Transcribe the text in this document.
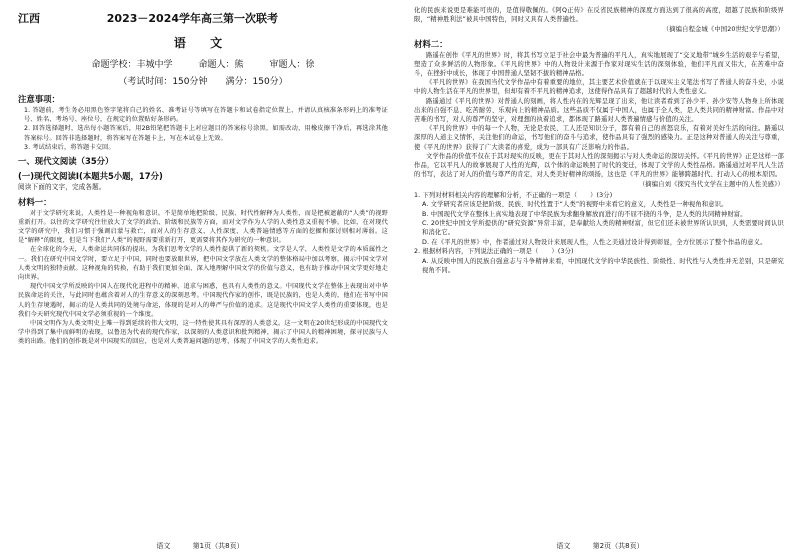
江西	2023－2024学年高三第一次联考
语 文
命题学校：丰城中学	命题人：熊	审题人：徐
（考试时间：150分钟　　满分：150分）
注意事项：

1. 答题前，考生务必用黑色签字笔将自己的姓名、准考证号等填写在答题卡和试卷指定位置上，并请认真核准条形码上的准考证号、姓名、考场号、座位号，在规定的位置贴好条形码。

2. 回答选择题时，选出每小题答案后，用2B铅笔把答题卡上对应题目的答案标号涂黑，如需改动，用橡皮擦干净后，再选涂其他答案标号。回答非选择题时，将答案写在答题卡上，写在本试卷上无效。

3. 考试结束后，将答题卡交回。

一、现代文阅读（35分）
(一)现代文阅读Ⅰ(本题共5小题，17分)

阅读下面的文字，完成各题。

材料一：

对于文学研究来说，人类性是一种视角和意识。不是简单地把阶级、民族、时代性解释为人类性，而是把被遮蔽的“人类”的视野重新打开。以往的文学研究往往放大了文学的政治、阶级和民族等方面，而对文学作为人学的人类性意义重视不够。比如，在对现代文学的研究中，我们习惯于强调启蒙与救亡，而对人的生存意义、人性深度、人类普遍情感等方面的挖掘和探讨则相对薄弱。这是“解释”的限度，但是当下我们“人类”的视野需要重新打开，更需要将其作为研究的一种意识。

在全球化的今天，人类命运共同体的提出，为我们思考文学的人类性提供了新的契机。文学是人学，人类性是文学的本质属性之一。我们在研究中国文学时，要立足于中国，同时也要放眼世界，把中国文学放在人类文学的整体格局中加以考察，揭示中国文学对人类文明的独特贡献。这种视角的转换，有助于我们更加全面、深入地理解中国文学的价值与意义，也有助于推动中国文学更好地走向世界。

现代中国文学所反映的中国人在现代化进程中的精神、追求与困惑，也具有人类性的意义。中国现代文学在整体上表现出对中华民族命运的关注，与此同时也蕴含着对人的生存意义的深刻思考。中国现代作家的创作，既是民族的，也是人类的，他们在书写中国人的生存境遇时，揭示的是人类共同的处境与命运，体现的是对人的尊严与价值的追求。这是现代中国文学人类性的重要体现，也是我们今天研究现代中国文学必须重视的一个维度。

中国文明作为人类文明史上唯一得到延续的伟大文明，这一特性使其具有深厚的人类意义。这一文明在20世纪形成的中国现代文学中得到了集中而鲜明的表现，以鲁迅为代表的现代作家，以深刻的人类意识和批判精神，揭示了中国人的精神困境，探寻民族与人类的出路。他们的创作既是对中国现实的回应，也是对人类普遍问题的思考，体现了中国文学的人类性追求。

语文	第1页（共8页）

化的民族来说更是难能可贵的，是值得敬佩的。《阿Q正传》在反省民族精神的深度方面达到了很高的高度，超越了民族和阶级界限，“精神胜利法”被具中国特色，同时又具有人类普遍性。

（摘编自程金城《中国20世纪文学思潮》）

材料二：

路遥在创作《平凡的世界》时，将其书写立足于社会中最为普遍的平凡人，真实地展现了“交叉地带”城乡生活的艰辛与希望，塑造了众多鲜活的人物形象。《平凡的世界》中的人物设计来源于作家对现实生活的深刻体验，他们平凡而又伟大，在苦难中奋斗，在挫折中成长，体现了中国普通人坚韧不拔的精神品格。

《平凡的世界》在我国当代文学作品中有着重要的地位，其主要艺术价值就在于以现实主义笔法书写了普通人的奋斗史，小说中的人物生活在平凡的世界里，但却有着不平凡的精神追求，这使得作品具有了超越时代的人类性意义。

路遥通过《平凡的世界》对普通人的刻画，将人性内在的光辉呈现了出来，他让读者看到了孙少平、孙少安等人物身上所体现出来的自强不息、吃苦耐劳、乐观向上的精神品质。这些品质不仅属于中国人，也属于全人类，是人类共同的精神财富。作品中对苦难的书写，对人的尊严的坚守，对理想的执着追求，都体现了路遥对人类普遍情感与价值的关注。

《平凡的世界》中的每一个人物，无论是农民、工人还是知识分子，都有着自己的喜怒哀乐，有着对美好生活的向往。路遥以深厚的人道主义情怀，关注他们的命运，书写他们的奋斗与追求，使作品具有了强烈的感染力。正是这种对普通人的关注与尊重，使《平凡的世界》获得了广大读者的喜爱，成为一部具有广泛影响力的作品。

文学作品的价值不仅在于其对现实的反映，更在于其对人性的深刻揭示与对人类命运的深切关怀。《平凡的世界》正是这样一部作品，它以平凡人的故事展现了人性的光辉，以个体的命运映照了时代的变迁，体现了文学的人类性品格。路遥通过对平凡人生活的书写，表达了对人的价值与尊严的肯定，对人类美好精神的颂扬，这也是《平凡的世界》能够跨越时代、打动人心的根本原因。

（摘编自刘《探究当代文学在主题中的人性美感》）

1. 下列对材料相关内容的理解和分析，不正确的一项是（　　）(3分)

A. 文学研究者应该是把阶级、民族、时代性置于“人类”的视野中来看它的意义，人类性是一种视角和意识。

B. 中国现代文学在整体上真实地表现了中华民族为求翻身解放而进行的不屈不挠的斗争，是人类的共同精神财富。

C. 20世纪中国文学所提供的“研究资源”异常丰富，是奉献给人类的精神财富，但它们还未被世界所认识到，人类需要时间认识和消化它。

D. 在《平凡的世界》中，作者通过对人物设计来展现人性，人性之美通过设计得到彰显，全方位展示了整个作品的意义。

2. 根据材料内容，下列说法正确的一项是（　　）(3分)

A. 从反映中国人的民族自强意志与斗争精神来看，中国现代文学的中华民族性、阶级性、时代性与人类性并无差别，只是研究视角不同。

语文	第2页（共8页）
